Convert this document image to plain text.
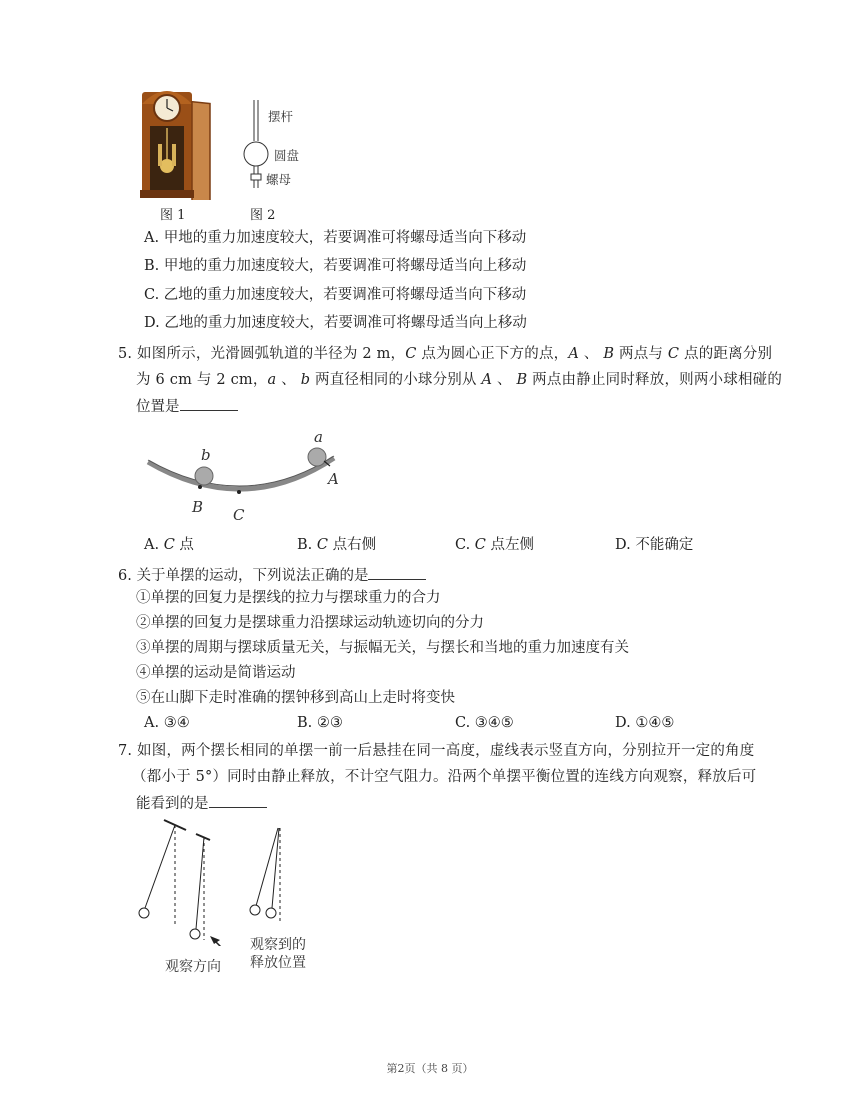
图 1
摆杆
圆盘
螺母
图 2
A. 甲地的重力加速度较大，若要调准可将螺母适当向下移动
B. 甲地的重力加速度较大，若要调准可将螺母适当向上移动
C. 乙地的重力加速度较大，若要调准可将螺母适当向下移动
D. 乙地的重力加速度较大，若要调准可将螺母适当向上移动
5. 如图所示，光滑圆弧轨道的半径为 2 m，𝐶 点为圆心正下方的点，𝐴 、 𝐵 两点与 𝐶 点的距离分别
为 6 cm 与 2 cm，𝑎 、 𝑏 两直径相同的小球分别从 𝐴 、 𝐵 两点由静止同时释放，则两小球相碰的
位置是
b
a
A
B C
A. 𝐶 点	B. 𝐶 点右侧	C. 𝐶 点左侧	D. 不能确定
6. 关于单摆的运动，下列说法正确的是
①单摆的回复力是摆线的拉力与摆球重力的合力
②单摆的回复力是摆球重力沿摆球运动轨迹切向的分力
③单摆的周期与摆球质量无关，与振幅无关，与摆长和当地的重力加速度有关
④单摆的运动是简谐运动
⑤在山脚下走时准确的摆钟移到高山上走时将变快
A. ③④	B. ②③	C. ③④⑤	D. ①④⑤
7. 如图，两个摆长相同的单摆一前一后悬挂在同一高度，虚线表示竖直方向，分别拉开一定的角度
（都小于 5°）同时由静止释放，不计空气阻力。沿两个单摆平衡位置的连线方向观察，释放后可
能看到的是
观察方向
观察到的
释放位置
第2页（共 8 页）
